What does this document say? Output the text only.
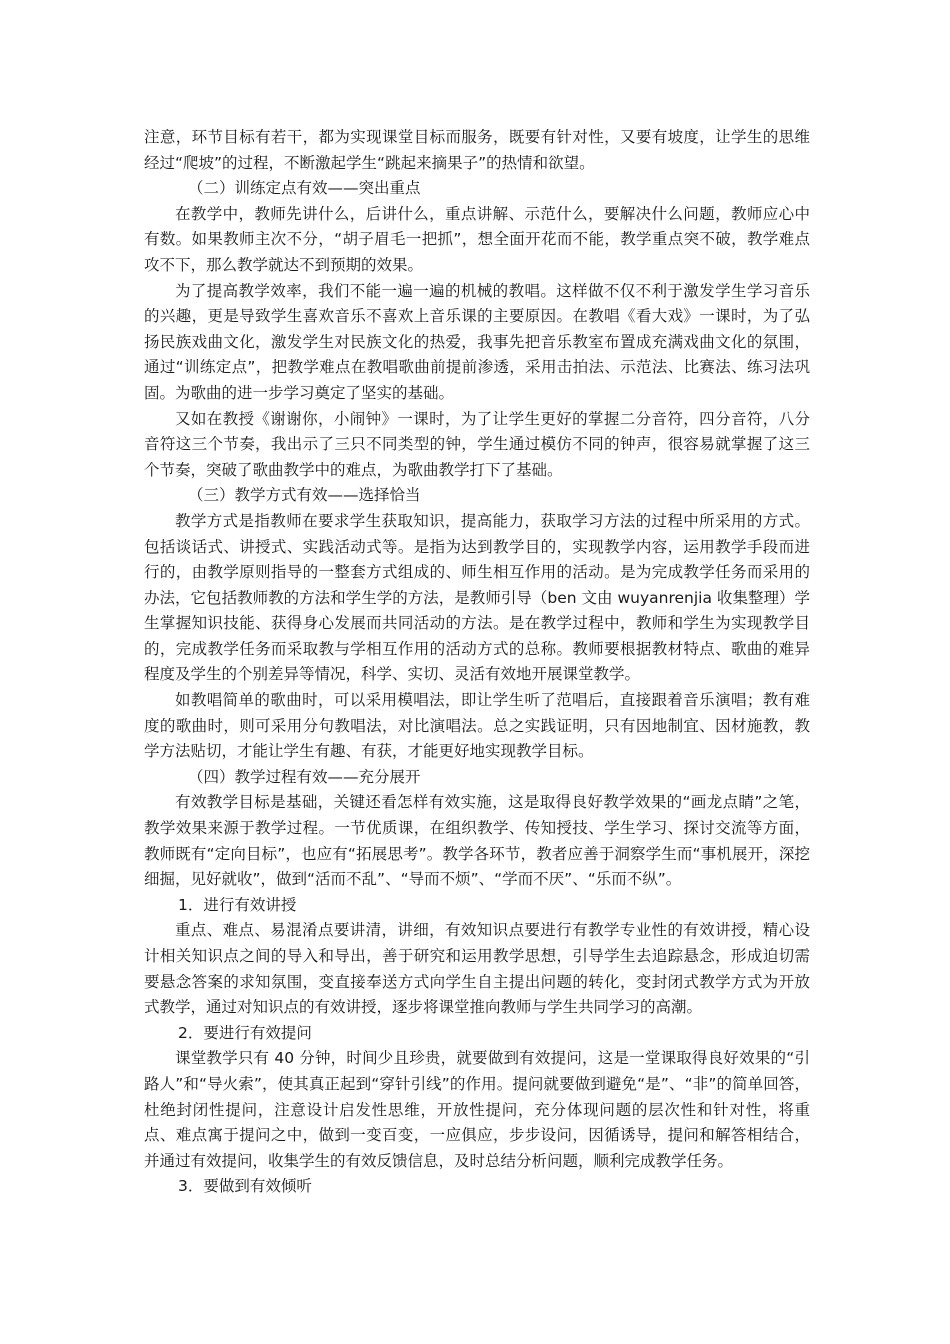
注意，环节目标有若干，都为实现课堂目标而服务，既要有针对性，又要有坡度，让学生的思维经过“爬坡”的过程，不断激起学生“跳起来摘果子”的热情和欲望。

（二）训练定点有效——突出重点

在教学中，教师先讲什么，后讲什么，重点讲解、示范什么，要解决什么问题，教师应心中有数。如果教师主次不分，“胡子眉毛一把抓”，想全面开花而不能，教学重点突不破，教学难点攻不下，那么教学就达不到预期的效果。

为了提高教学效率，我们不能一遍一遍的机械的教唱。这样做不仅不利于激发学生学习音乐的兴趣，更是导致学生喜欢音乐不喜欢上音乐课的主要原因。在教唱《看大戏》一课时，为了弘扬民族戏曲文化，激发学生对民族文化的热爱，我事先把音乐教室布置成充满戏曲文化的氛围，通过“训练定点”，把教学难点在教唱歌曲前提前渗透，采用击拍法、示范法、比赛法、练习法巩固。为歌曲的进一步学习奠定了坚实的基础。

又如在教授《谢谢你，小闹钟》一课时，为了让学生更好的掌握二分音符，四分音符，八分音符这三个节奏，我出示了三只不同类型的钟，学生通过模仿不同的钟声，很容易就掌握了这三个节奏，突破了歌曲教学中的难点，为歌曲教学打下了基础。

（三）教学方式有效——选择恰当

教学方式是指教师在要求学生获取知识，提高能力，获取学习方法的过程中所采用的方式。包括谈话式、讲授式、实践活动式等。是指为达到教学目的，实现教学内容，运用教学手段而进行的，由教学原则指导的一整套方式组成的、师生相互作用的活动。是为完成教学任务而采用的办法，它包括教师教的方法和学生学的方法，是教师引导（ben 文由 wuyanrenjia 收集整理）学生掌握知识技能、获得身心发展而共同活动的方法。是在教学过程中，教师和学生为实现教学目的，完成教学任务而采取教与学相互作用的活动方式的总称。教师要根据教材特点、歌曲的难异程度及学生的个别差异等情况，科学、实切、灵活有效地开展课堂教学。

如教唱简单的歌曲时，可以采用模唱法，即让学生听了范唱后，直接跟着音乐演唱；教有难度的歌曲时，则可采用分句教唱法，对比演唱法。总之实践证明，只有因地制宜、因材施教，教学方法贴切，才能让学生有趣、有获，才能更好地实现教学目标。

（四）教学过程有效——充分展开

有效教学目标是基础，关键还看怎样有效实施，这是取得良好教学效果的“画龙点睛”之笔，教学效果来源于教学过程。一节优质课，在组织教学、传知授技、学生学习、探讨交流等方面，教师既有“定向目标”，也应有“拓展思考”。教学各环节，教者应善于洞察学生而“事机展开，深挖细掘，见好就收”，做到“活而不乱”、“导而不烦”、“学而不厌”、“乐而不纵”。

1．进行有效讲授

重点、难点、易混淆点要讲清，讲细，有效知识点要进行有教学专业性的有效讲授，精心设计相关知识点之间的导入和导出，善于研究和运用教学思想，引导学生去追踪悬念，形成迫切需要悬念答案的求知氛围，变直接奉送方式向学生自主提出问题的转化，变封闭式教学方式为开放式教学，通过对知识点的有效讲授，逐步将课堂推向教师与学生共同学习的高潮。

2．要进行有效提问

课堂教学只有 40 分钟，时间少且珍贵，就要做到有效提问，这是一堂课取得良好效果的“引路人”和“导火索”，使其真正起到“穿针引线”的作用。提问就要做到避免“是”、“非”的简单回答，杜绝封闭性提问，注意设计启发性思维，开放性提问，充分体现问题的层次性和针对性，将重点、难点寓于提问之中，做到一变百变，一应俱应，步步设问，因循诱导，提问和解答相结合，并通过有效提问，收集学生的有效反馈信息，及时总结分析问题，顺利完成教学任务。

3．要做到有效倾听
